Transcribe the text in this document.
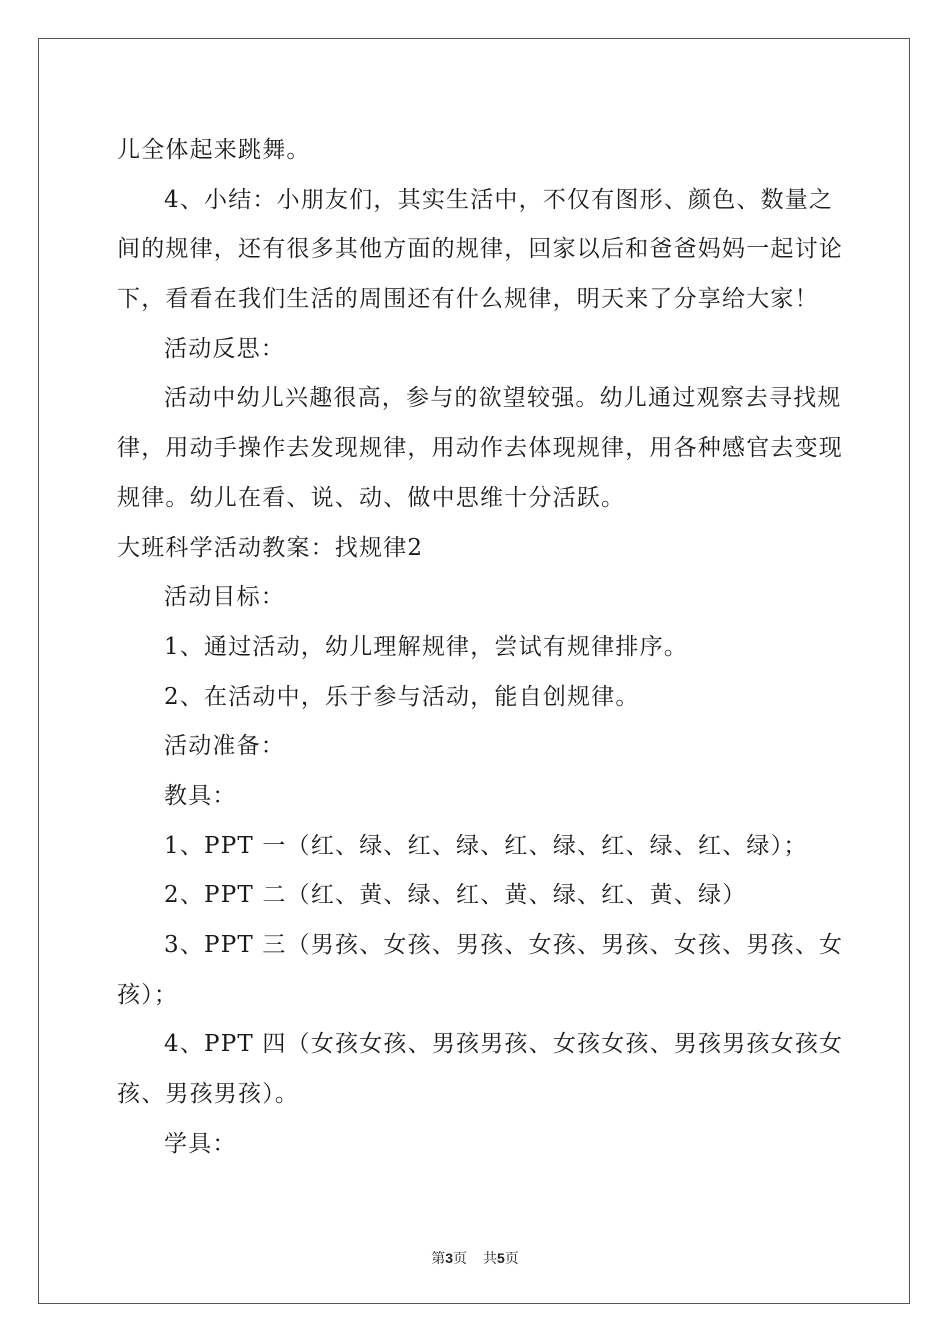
儿全体起来跳舞。
4、小结：小朋友们，其实生活中，不仅有图形、颜色、数量之
间的规律，还有很多其他方面的规律，回家以后和爸爸妈妈一起讨论
下，看看在我们生活的周围还有什么规律，明天来了分享给大家！
活动反思：
活动中幼儿兴趣很高，参与的欲望较强。幼儿通过观察去寻找规
律，用动手操作去发现规律，用动作去体现规律，用各种感官去变现
规律。幼儿在看、说、动、做中思维十分活跃。
大班科学活动教案：找规律2
活动目标：
1、通过活动，幼儿理解规律，尝试有规律排序。
2、在活动中，乐于参与活动，能自创规律。
活动准备：
教具：
1、PPT 一（红、绿、红、绿、红、绿、红、绿、红、绿）；
2、PPT 二（红、黄、绿、红、黄、绿、红、黄、绿）
3、PPT 三（男孩、女孩、男孩、女孩、男孩、女孩、男孩、女
孩）；
4、PPT 四（女孩女孩、男孩男孩、女孩女孩、男孩男孩女孩女
孩、男孩男孩）。
学具：
第3页 共5页
